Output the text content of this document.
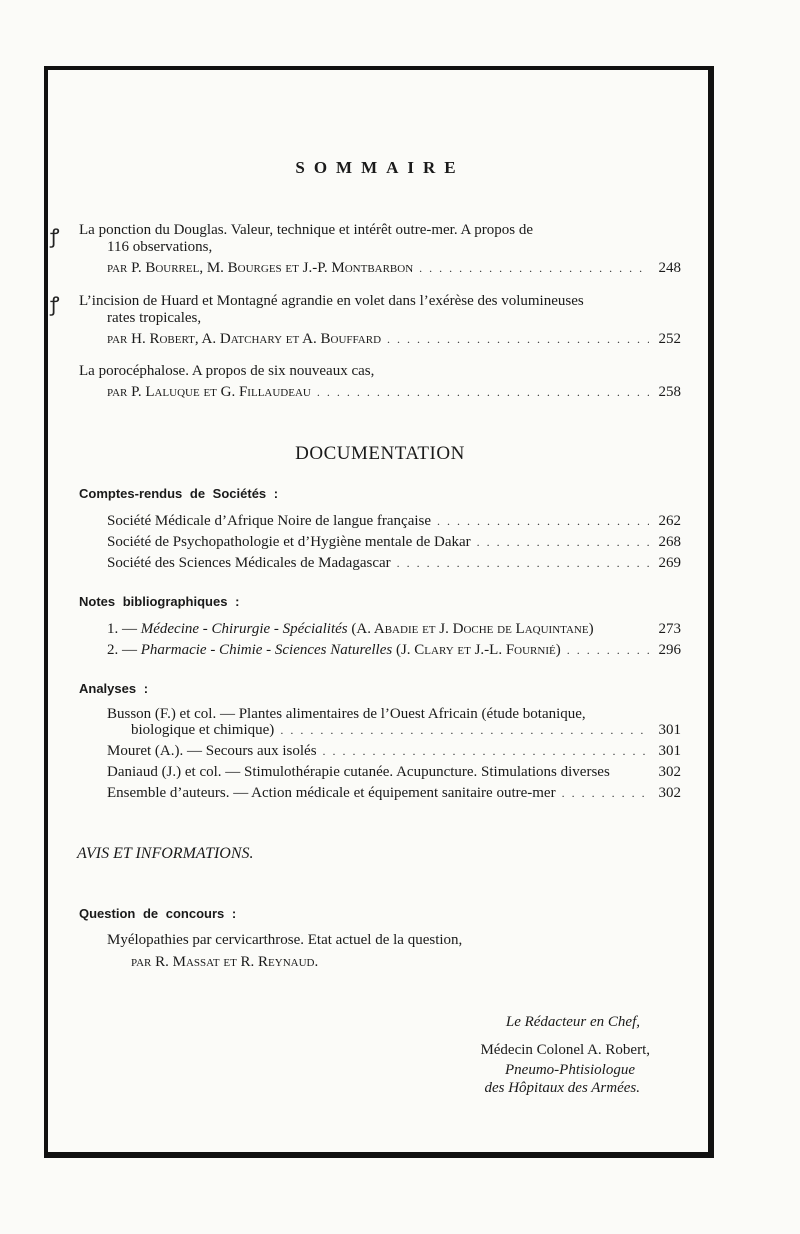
SOMMAIRE
ꝭ
ꝭ
La ponction du Douglas. Valeur, technique et intérêt outre-mer. A propos de
116 observations,
par P. Bourrel, M. Bourges et J.-P. Montbarbon . . .	248
L’incision de Huard et Montagné agrandie en volet dans l’exérèse des volumineuses
rates tropicales,
par H. Robert, A. Datchary et A. Bouffard . . .	252
La porocéphalose. A propos de six nouveaux cas,
par P. Laluque et G. Fillaudeau . . .	258
DOCUMENTATION
Comptes-rendus de Sociétés :
Société Médicale d’Afrique Noire de langue française . . .	262
Société de Psychopathologie et d’Hygiène mentale de Dakar . . .	268
Société des Sciences Médicales de Madagascar . . .	269
Notes bibliographiques :
1. —
Médecine - Chirurgie - Spécialités
(A. Abadie et J. Doche de Laquintane)	273
2. —
Pharmacie - Chimie - Sciences Naturelles
(J. Clary et J.-L. Fournié) . . .	296
Analyses :
Busson (F.) et col. — Plantes alimentaires de l’Ouest Africain (étude botanique,
biologique et chimique) . . .	301
Mouret (A.). — Secours aux isolés . . .	301
Daniaud (J.) et col. — Stimulothérapie cutanée. Acupuncture. Stimulations diverses	302
Ensemble d’auteurs. — Action médicale et équipement sanitaire outre-mer . . .	302
AVIS ET INFORMATIONS.
Question de concours :
Myélopathies par cervicarthrose. Etat actuel de la question,
par R. Massat et R. Reynaud.
Le Rédacteur en Chef,
Médecin Colonel A. Robert,
Pneumo-Phtisiologue
des Hôpitaux des Armées.
